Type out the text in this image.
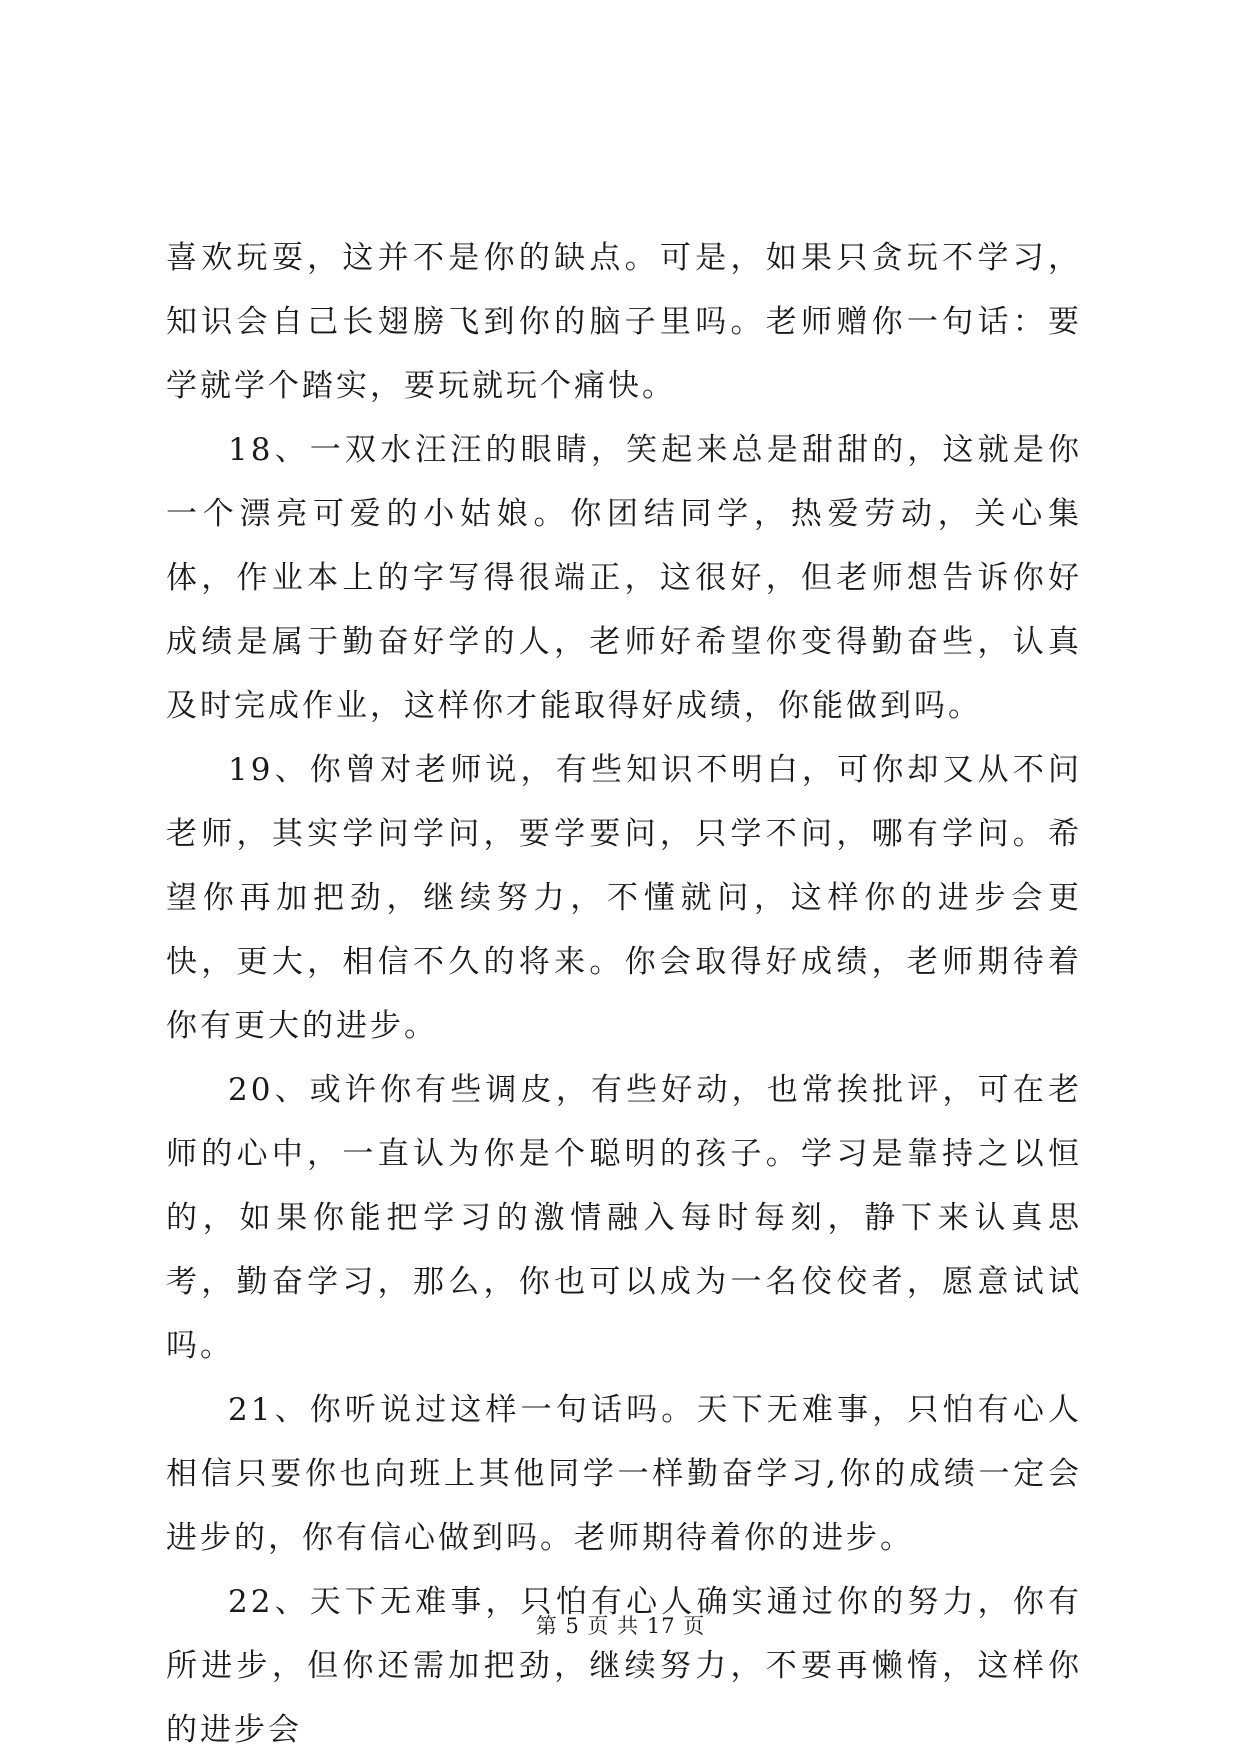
喜欢玩耍，这并不是你的缺点。可是，如果只贪玩不学习，知识会自己长翅膀飞到你的脑子里吗。老师赠你一句话：要学就学个踏实，要玩就玩个痛快。

18、一双水汪汪的眼睛，笑起来总是甜甜的，这就是你一个漂亮可爱的小姑娘。你团结同学，热爱劳动，关心集体，作业本上的字写得很端正，这很好，但老师想告诉你好成绩是属于勤奋好学的人，老师好希望你变得勤奋些，认真及时完成作业，这样你才能取得好成绩，你能做到吗。

19、你曾对老师说，有些知识不明白，可你却又从不问老师，其实学问学问，要学要问，只学不问，哪有学问。希望你再加把劲，继续努力，不懂就问，这样你的进步会更快，更大，相信不久的将来。你会取得好成绩，老师期待着你有更大的进步。

20、或许你有些调皮，有些好动，也常挨批评，可在老师的心中，一直认为你是个聪明的孩子。学习是靠持之以恒的，如果你能把学习的激情融入每时每刻，静下来认真思考，勤奋学习，那么，你也可以成为一名佼佼者，愿意试试吗。

21、你听说过这样一句话吗。天下无难事，只怕有心人相信只要你也向班上其他同学一样勤奋学习,你的成绩一定会进步的，你有信心做到吗。老师期待着你的进步。

22、天下无难事，只怕有心人确实通过你的努力，你有所进步，但你还需加把劲，继续努力，不要再懒惰，这样你的进步会

第 5 页 共 17 页
